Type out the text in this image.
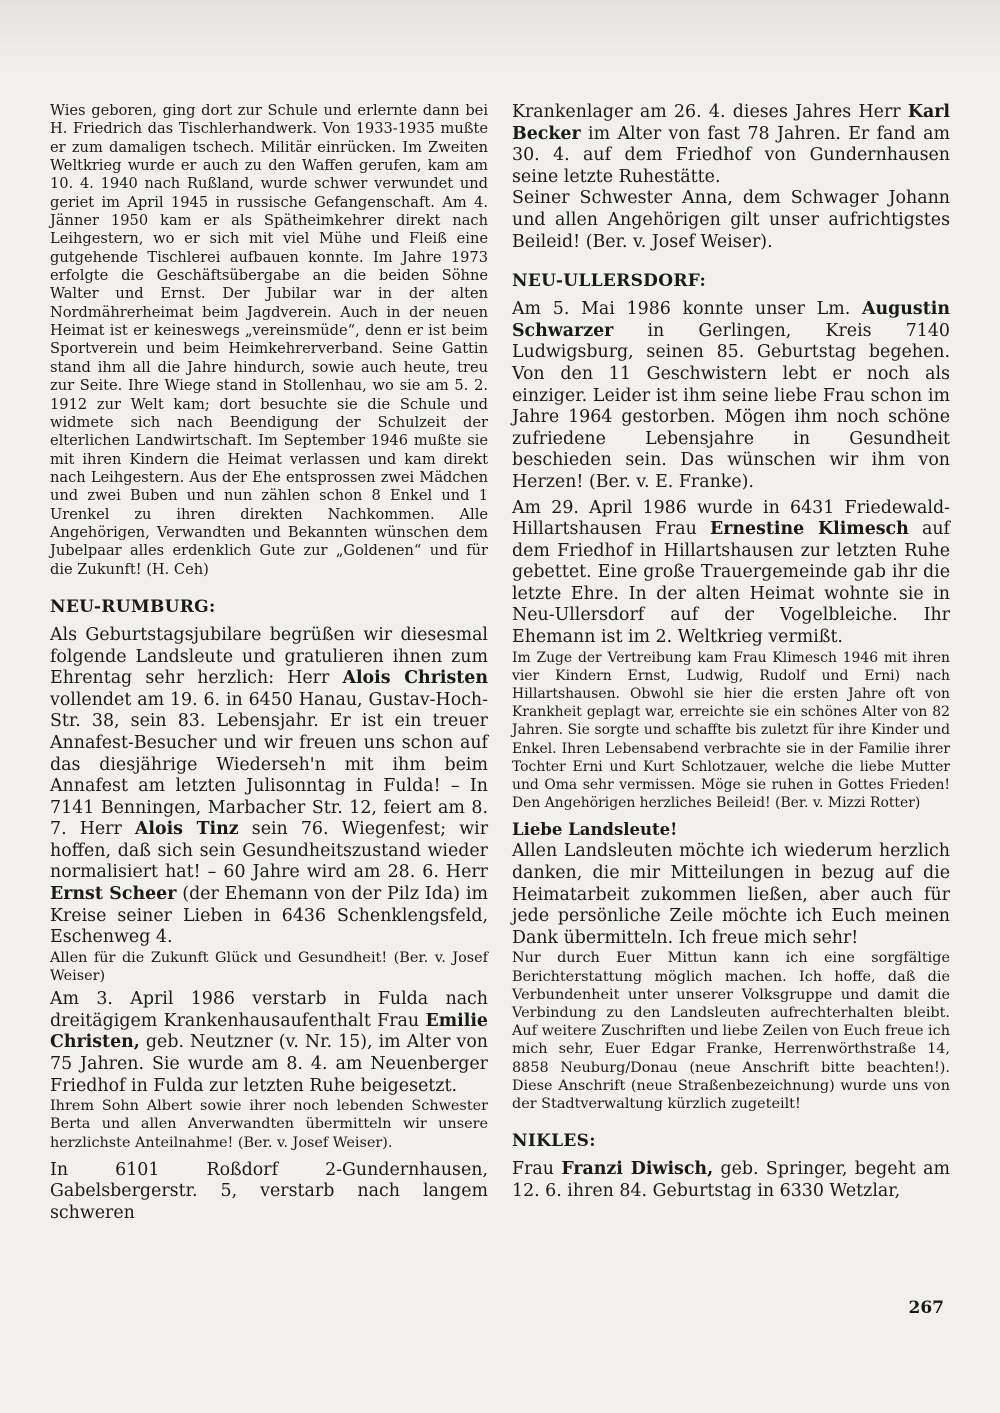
Wies geboren, ging dort zur Schule und erlernte dann bei H. Friedrich das Tischlerhandwerk. Von 1933-1935 mußte er zum damaligen tschech. Militär einrücken. Im Zweiten Weltkrieg wurde er auch zu den Waffen gerufen, kam am 10. 4. 1940 nach Rußland, wurde schwer verwundet und geriet im April 1945 in russische Gefangenschaft. Am 4. Jänner 1950 kam er als Spätheimkehrer direkt nach Leihgestern, wo er sich mit viel Mühe und Fleiß eine gutgehende Tischlerei aufbauen konnte. Im Jahre 1973 erfolgte die Geschäftsübergabe an die beiden Söhne Walter und Ernst. Der Jubilar war in der alten Nordmährerheimat beim Jagdverein. Auch in der neuen Heimat ist er keineswegs „vereinsmüde“, denn er ist beim Sportverein und beim Heimkehrerverband. Seine Gattin stand ihm all die Jahre hindurch, sowie auch heute, treu zur Seite. Ihre Wiege stand in Stollenhau, wo sie am 5. 2. 1912 zur Welt kam; dort besuchte sie die Schule und widmete sich nach Beendigung der Schulzeit der elterlichen Landwirtschaft. Im September 1946 mußte sie mit ihren Kindern die Heimat verlassen und kam direkt nach Leihgestern. Aus der Ehe entsprossen zwei Mädchen und zwei Buben und nun zählen schon 8 Enkel und 1 Urenkel zu ihren direkten Nachkommen. Alle Angehörigen, Verwandten und Bekannten wünschen dem Jubelpaar alles erdenklich Gute zur „Goldenen“ und für die Zukunft! (H. Ceh)

NEU-RUMBURG:

Als Geburtstagsjubilare begrüßen wir diesesmal folgende Landsleute und gratulieren ihnen zum Ehrentag sehr herzlich: Herr Alois Christen vollendet am 19. 6. in 6450 Hanau, Gustav-Hoch-Str. 38, sein 83. Lebensjahr. Er ist ein treuer Annafest-Besucher und wir freuen uns schon auf das diesjährige Wiederseh'n mit ihm beim Annafest am letzten Julisonntag in Fulda! – In 7141 Benningen, Marbacher Str. 12, feiert am 8. 7. Herr Alois Tinz sein 76. Wiegenfest; wir hoffen, daß sich sein Gesundheitszustand wieder normalisiert hat! – 60 Jahre wird am 28. 6. Herr Ernst Scheer (der Ehemann von der Pilz Ida) im Kreise seiner Lieben in 6436 Schenklengsfeld, Eschenweg 4.

Allen für die Zukunft Glück und Gesundheit! (Ber. v. Josef Weiser)

Am 3. April 1986 verstarb in Fulda nach dreitägigem Krankenhausaufenthalt Frau Emilie Christen, geb. Neutzner (v. Nr. 15), im Alter von 75 Jahren. Sie wurde am 8. 4. am Neuenberger Friedhof in Fulda zur letzten Ruhe beigesetzt.

Ihrem Sohn Albert sowie ihrer noch lebenden Schwester Berta und allen Anverwandten übermitteln wir unsere herzlichste Anteilnahme! (Ber. v. Josef Weiser).

In 6101 Roßdorf 2-Gundernhausen, Gabelsbergerstr. 5, verstarb nach langem schweren

Krankenlager am 26. 4. dieses Jahres Herr Karl Becker im Alter von fast 78 Jahren. Er fand am 30. 4. auf dem Friedhof von Gundernhausen seine letzte Ruhestätte.

Seiner Schwester Anna, dem Schwager Johann und allen Angehörigen gilt unser aufrichtigstes Beileid! (Ber. v. Josef Weiser).

NEU-ULLERSDORF:

Am 5. Mai 1986 konnte unser Lm. Augustin Schwarzer in Gerlingen, Kreis 7140 Ludwigsburg, seinen 85. Geburtstag begehen. Von den 11 Geschwistern lebt er noch als einziger. Leider ist ihm seine liebe Frau schon im Jahre 1964 gestorben. Mögen ihm noch schöne zufriedene Lebensjahre in Gesundheit beschieden sein. Das wünschen wir ihm von Herzen! (Ber. v. E. Franke).

Am 29. April 1986 wurde in 6431 Friedewald-Hillartshausen Frau Ernestine Klimesch auf dem Friedhof in Hillartshausen zur letzten Ruhe gebettet. Eine große Trauergemeinde gab ihr die letzte Ehre. In der alten Heimat wohnte sie in Neu-Ullersdorf auf der Vogelbleiche. Ihr Ehemann ist im 2. Weltkrieg vermißt.

Im Zuge der Vertreibung kam Frau Klimesch 1946 mit ihren vier Kindern Ernst, Ludwig, Rudolf und Erni) nach Hillartshausen. Obwohl sie hier die ersten Jahre oft von Krankheit geplagt war, erreichte sie ein schönes Alter von 82 Jahren. Sie sorgte und schaffte bis zuletzt für ihre Kinder und Enkel. Ihren Lebensabend verbrachte sie in der Familie ihrer Tochter Erni und Kurt Schlotzauer, welche die liebe Mutter und Oma sehr vermissen. Möge sie ruhen in Gottes Frieden! Den Angehörigen herzliches Beileid! (Ber. v. Mizzi Rotter)

Liebe Landsleute!

Allen Landsleuten möchte ich wiederum herzlich danken, die mir Mitteilungen in bezug auf die Heimatarbeit zukommen ließen, aber auch für jede persönliche Zeile möchte ich Euch meinen Dank übermitteln. Ich freue mich sehr!

Nur durch Euer Mittun kann ich eine sorgfältige Berichterstattung möglich machen. Ich hoffe, daß die Verbundenheit unter unserer Volksgruppe und damit die Verbindung zu den Landsleuten aufrechterhalten bleibt. Auf weitere Zuschriften und liebe Zeilen von Euch freue ich mich sehr, Euer Edgar Franke, Herrenwörthstraße 14, 8858 Neuburg/Donau (neue Anschrift bitte beachten!). Diese Anschrift (neue Straßenbezeichnung) wurde uns von der Stadtverwaltung kürzlich zugeteilt!

NIKLES:

Frau Franzi Diwisch, geb. Springer, begeht am 12. 6. ihren 84. Geburtstag in 6330 Wetzlar,

267
